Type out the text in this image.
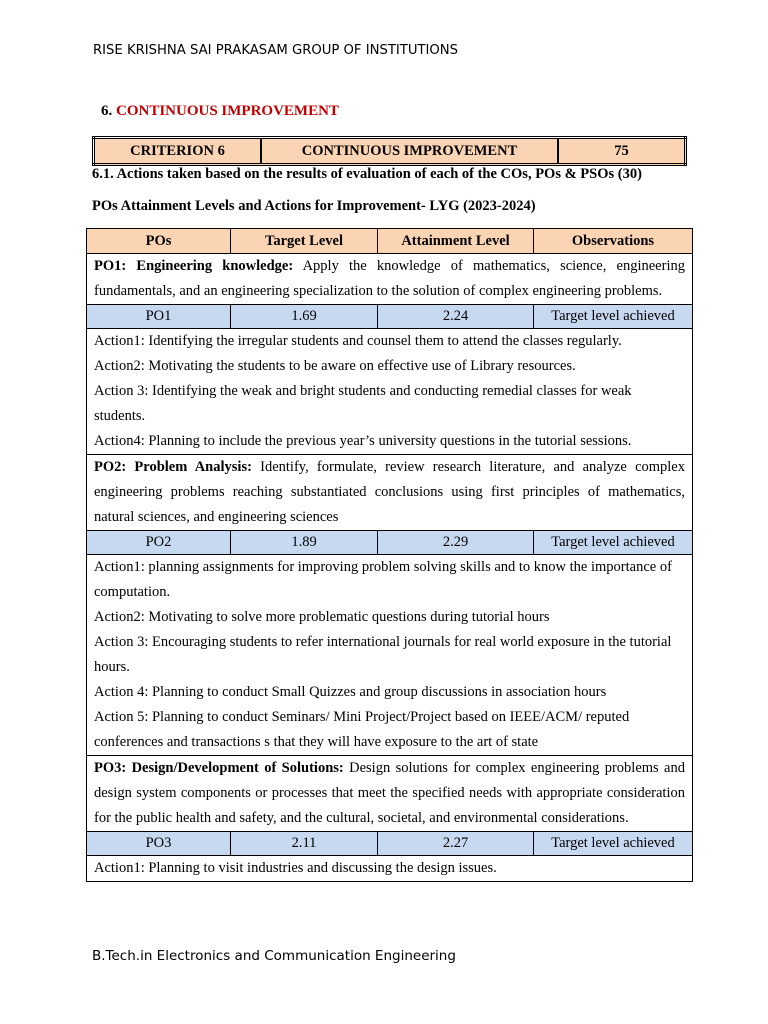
RISE KRISHNA SAI PRAKASAM GROUP OF INSTITUTIONS
6. CONTINUOUS IMPROVEMENT
CRITERION 6	CONTINUOUS IMPROVEMENT	75
6.1. Actions taken based on the results of evaluation of each of the COs, POs & PSOs (30)
POs Attainment Levels and Actions for Improvement- LYG (2023-2024)
POs	Target Level	Attainment Level	Observations
PO1: Engineering knowledge: Apply the knowledge of mathematics, science, engineering fundamentals, and an engineering specialization to the solution of complex engineering problems.			
PO1	1.69	2.24	Target level achieved

Action1: Identifying the irregular students and counsel them to attend the classes regularly.
Action2: Motivating the students to be aware on effective use of Library resources.
Action 3: Identifying the weak and bright students and conducting remedial classes for weak students.
Action4: Planning to include the previous year’s university questions in the tutorial sessions.			

PO2: Problem Analysis: Identify, formulate, review research literature, and analyze complex engineering problems reaching substantiated conclusions using first principles of mathematics, natural sciences, and engineering sciences			
PO2	1.89	2.29	Target level achieved

Action1: planning assignments for improving problem solving skills and to know the importance of computation.
Action2: Motivating to solve more problematic questions during tutorial hours
Action 3: Encouraging students to refer international journals for real world exposure in the tutorial hours.
Action 4: Planning to conduct Small Quizzes and group discussions in association hours
Action 5: Planning to conduct Seminars/ Mini Project/Project based on IEEE/ACM/ reputed conferences and transactions s that they will have exposure to the art of state			

PO3: Design/Development of Solutions: Design solutions for complex engineering problems and design system components or processes that meet the specified needs with appropriate consideration for the public health and safety, and the cultural, societal, and environmental considerations.			
PO3	2.11	2.27	Target level achieved

Action1: Planning to visit industries and discussing the design issues.			
B.Tech.in Electronics and Communication Engineering
